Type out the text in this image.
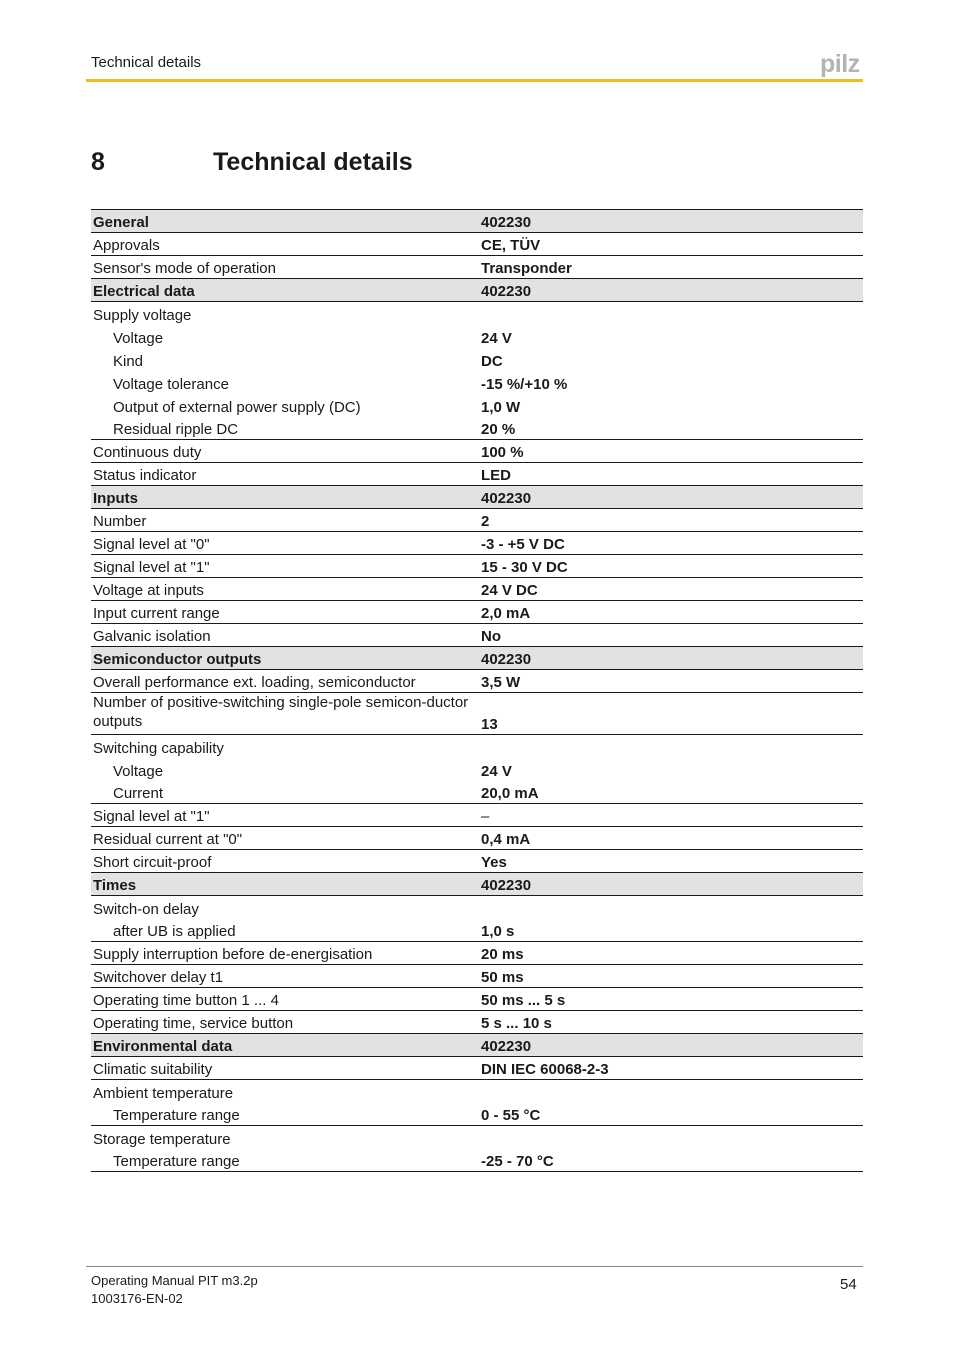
Technical details	pilz
8	Technical details
General	402230
Approvals	CE, TÜV
Sensor's mode of operation	Transponder
Electrical data	402230
Supply voltage	
Voltage	24 V
Kind	DC
Voltage tolerance	-15 %/+10 %
Output of external power supply (DC)	1,0 W
Residual ripple DC	20 %
Continuous duty	100 %
Status indicator	LED
Inputs	402230
Number	2
Signal level at "0"	-3 - +5 V DC
Signal level at "1"	15 - 30 V DC
Voltage at inputs	24 V DC
Input current range	2,0 mA
Galvanic isolation	No
Semiconductor outputs	402230
Overall performance ext. loading, semiconductor	3,5 W
Number of positive-switching single-pole semicon-ductor outputs	13
Switching capability	
Voltage	24 V
Current	20,0 mA
Signal level at "1"	–
Residual current at "0"	0,4 mA
Short circuit-proof	Yes
Times	402230
Switch-on delay	
after UB is applied	1,0 s
Supply interruption before de-energisation	20 ms
Switchover delay t1	50 ms
Operating time button 1 ... 4	50 ms ... 5 s
Operating time, service button	5 s ... 10 s
Environmental data	402230
Climatic suitability	DIN IEC 60068-2-3
Ambient temperature	
Temperature range	0 - 55 °C
Storage temperature	
Temperature range	-25 - 70 °C
Operating Manual PIT m3.2p
1003176-EN-02
54
